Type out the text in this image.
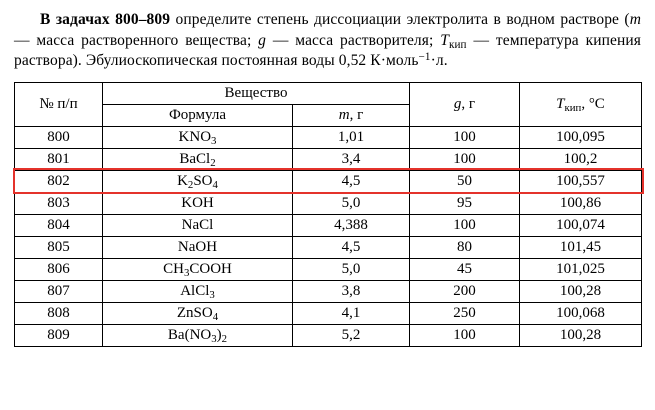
В задачах 800–809 определите степень диссоциации электролита в водном растворе (m — масса растворенного вещества; g — масса растворителя; $T_{кип}$ — температура кипения раствора). Эбулиоскопическая постоянная воды 0,52 К·моль$^{-1}$·л.

№ п/п	Вещество		g, г	$T_{кип}$, °C
	Формула	m, г		
800	$KNO_3$	1,01	100	100,095
801	BaCl$_2$	3,4	100	100,2
802	$K_2SO_4$	4,5	50	100,557
803	KOH	5,0	95	100,86
804	NaCl	4,388	100	100,074
805	NaOH	4,5	80	101,45
806	$CH_3COOH$	5,0	45	101,025
807	AlCl$_3$	3,8	200	100,28
808	ZnSO$_4$	4,1	250	100,068
809	$Ba(NO_3)_2$	5,2	100	100,28
